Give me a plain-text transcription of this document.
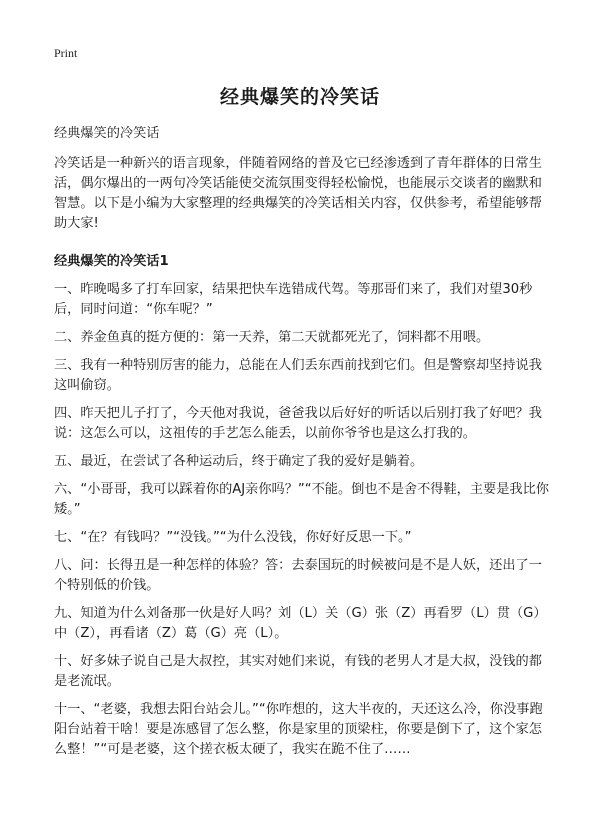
Print
经典爆笑的冷笑话

经典爆笑的冷笑话

冷笑话是一种新兴的语言现象，伴随着网络的普及它已经渗透到了青年群体的日常生活，偶尔爆出的一两句冷笑话能使交流氛围变得轻松愉悦，也能展示交谈者的幽默和智慧。以下是小编为大家整理的经典爆笑的冷笑话相关内容，仅供参考，希望能够帮助大家!

经典爆笑的冷笑话1

一、昨晚喝多了打车回家，结果把快车选错成代驾。等那哥们来了，我们对望30秒后，同时问道：“你车呢？”

二、养金鱼真的挺方便的：第一天养，第二天就都死光了，饲料都不用喂。

三、我有一种特别厉害的能力，总能在人们丢东西前找到它们。但是警察却坚持说我这叫偷窃。

四、昨天把儿子打了，今天他对我说，爸爸我以后好好的听话以后别打我了好吧？我说：这怎么可以，这祖传的手艺怎么能丢，以前你爷爷也是这么打我的。

五、最近，在尝试了各种运动后，终于确定了我的爱好是躺着。

六、“小哥哥，我可以踩着你的AJ亲你吗？”“不能。倒也不是舍不得鞋，主要是我比你矮。”

七、“在？有钱吗？”“没钱。”“为什么没钱，你好好反思一下。”

八、问：长得丑是一种怎样的体验？答：去泰国玩的时候被问是不是人妖，还出了一个特别低的价钱。

九、知道为什么刘备那一伙是好人吗？刘（L）关（G）张（Z）再看罗（L）贯（G）中（Z），再看诸（Z）葛（G）亮（L）。

十、好多妹子说自己是大叔控，其实对她们来说，有钱的老男人才是大叔，没钱的都是老流氓。

十一、“老婆，我想去阳台站会儿。”“你咋想的，这大半夜的，天还这么冷，你没事跑阳台站着干啥！要是冻感冒了怎么整，你是家里的顶梁柱，你要是倒下了，这个家怎么整！”“可是老婆，这个搓衣板太硬了，我实在跪不住了……
